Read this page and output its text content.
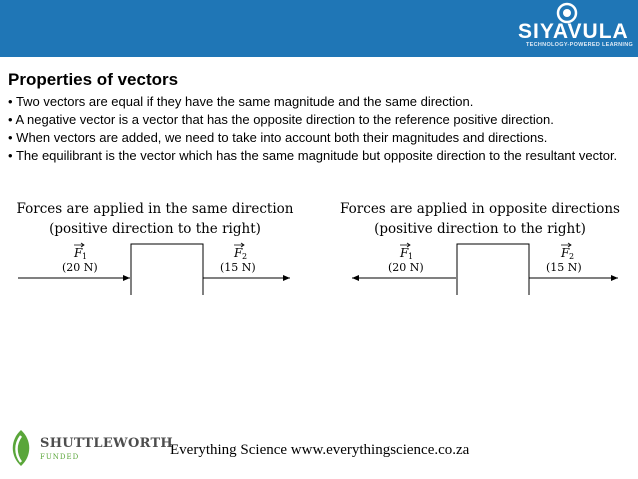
SIYAVULA
TECHNOLOGY-POWERED LEARNING
Properties of vectors
• Two vectors are equal if they have the same magnitude and the same direction.
• A negative vector is a vector that has the opposite direction to the reference positive direction.
• When vectors are added, we need to take into account both their magnitudes and directions.
• The equilibrant is the vector which has the same magnitude but opposite direction to the resultant vector.
Forces are applied in the same direction
(positive direction to the right)
F 1
(20 N)
F 2
(15 N)
Forces are applied in opposite directions
(positive direction to the right)
F 1
(20 N)
F 2
(15 N)
SHUTTLEWORTH
FUNDED	Everything Science www.everythingscience.co.za
